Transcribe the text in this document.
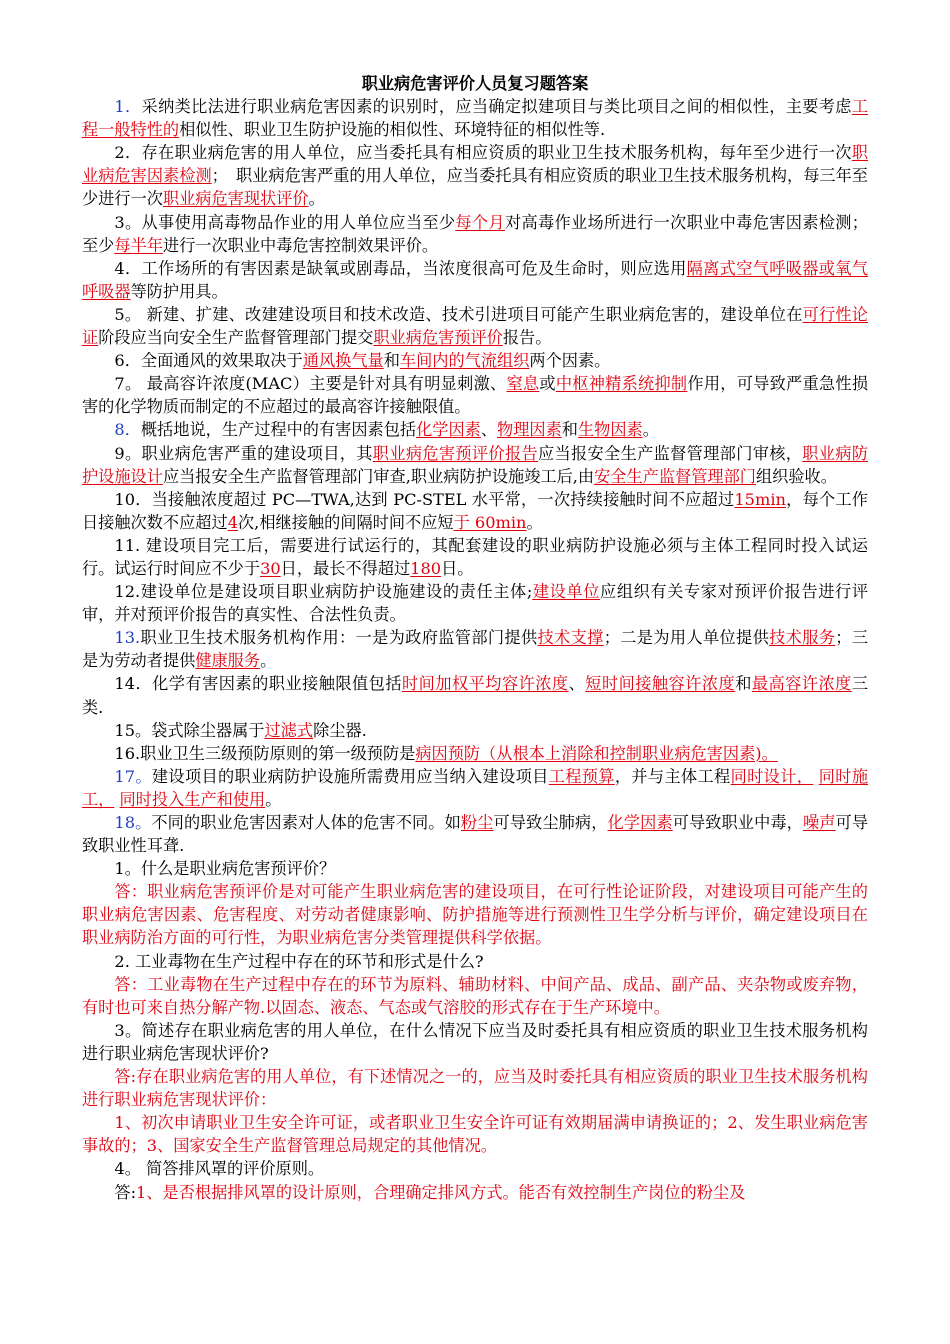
职业病危害评价人员复习题答案

1．采纳类比法进行职业病危害因素的识别时，应当确定拟建项目与类比项目之间的相似性，主要考虑工程一般特性的相似性、职业卫生防护设施的相似性、环境特征的相似性等.

2．存在职业病危害的用人单位，应当委托具有相应资质的职业卫生技术服务机构，每年至少进行一次职业病危害因素检测；　职业病危害严重的用人单位，应当委托具有相应资质的职业卫生技术服务机构，每三年至少进行一次职业病危害现状评价。

3。从事使用高毒物品作业的用人单位应当至少每个月对高毒作业场所进行一次职业中毒危害因素检测；至少每半年进行一次职业中毒危害控制效果评价。

4．工作场所的有害因素是缺氧或剧毒品，当浓度很高可危及生命时，则应选用隔离式空气呼吸器或氧气呼吸器等防护用具。

5。 新建、扩建、改建建设项目和技术改造、技术引进项目可能产生职业病危害的，建设单位在可行性论证阶段应当向安全生产监督管理部门提交职业病危害预评价报告。

6．全面通风的效果取决于通风换气量和车间内的气流组织两个因素。

7。 最高容许浓度(MAC）主要是针对具有明显刺激、窒息或中枢神精系统抑制作用，可导致严重急性损害的化学物质而制定的不应超过的最高容许接触限值。

8．概括地说，生产过程中的有害因素包括化学因素、物理因素和生物因素。

9。职业病危害严重的建设项目，其职业病危害预评价报告应当报安全生产监督管理部门审核，职业病防护设施设计应当报安全生产监督管理部门审查,职业病防护设施竣工后,由安全生产监督管理部门组织验收。

10．当接触浓度超过 PC—TWA,达到 PC-STEL 水平常，一次持续接触时间不应超过15min，每个工作日接触次数不应超过4次,相继接触的间隔时间不应短于 60min。

11. 建设项目完工后，需要进行试运行的，其配套建设的职业病防护设施必须与主体工程同时投入试运行。试运行时间应不少于30日，最长不得超过180日。

12.建设单位是建设项目职业病防护设施建设的责任主体;建设单位应组织有关专家对预评价报告进行评审，并对预评价报告的真实性、合法性负责。

13.职业卫生技术服务机构作用：一是为政府监管部门提供技术支撑；二是为用人单位提供技术服务；三是为劳动者提供健康服务。

14．化学有害因素的职业接触限值包括时间加权平均容许浓度、短时间接触容许浓度和最高容许浓度三类.

15。袋式除尘器属于过滤式除尘器.

16.职业卫生三级预防原则的第一级预防是病因预防（从根本上消除和控制职业病危害因素)。

17。建设项目的职业病防护设施所需费用应当纳入建设项目工程预算，并与主体工程同时设计， 同时施工， 同时投入生产和使用。

18。不同的职业危害因素对人体的危害不同。如粉尘可导致尘肺病，化学因素可导致职业中毒，噪声可导致职业性耳聋.

1。什么是职业病危害预评价？

答：职业病危害预评价是对可能产生职业病危害的建设项目，在可行性论证阶段，对建设项目可能产生的职业病危害因素、危害程度、对劳动者健康影响、防护措施等进行预测性卫生学分析与评价，确定建设项目在职业病防治方面的可行性，为职业病危害分类管理提供科学依据。

2. 工业毒物在生产过程中存在的环节和形式是什么?

答：工业毒物在生产过程中存在的环节为原料、辅助材料、中间产品、成品、副产品、夹杂物或废弃物，有时也可来自热分解产物.以固态、液态、气态或气溶胶的形式存在于生产环境中。

3。简述存在职业病危害的用人单位，在什么情况下应当及时委托具有相应资质的职业卫生技术服务机构进行职业病危害现状评价?

答:存在职业病危害的用人单位，有下述情况之一的，应当及时委托具有相应资质的职业卫生技术服务机构进行职业病危害现状评价：

1、初次申请职业卫生安全许可证，或者职业卫生安全许可证有效期届满申请换证的；2、发生职业病危害事故的；3、国家安全生产监督管理总局规定的其他情况。

4。 简答排风罩的评价原则。

答:1、是否根据排风罩的设计原则，合理确定排风方式。能否有效控制生产岗位的粉尘及
